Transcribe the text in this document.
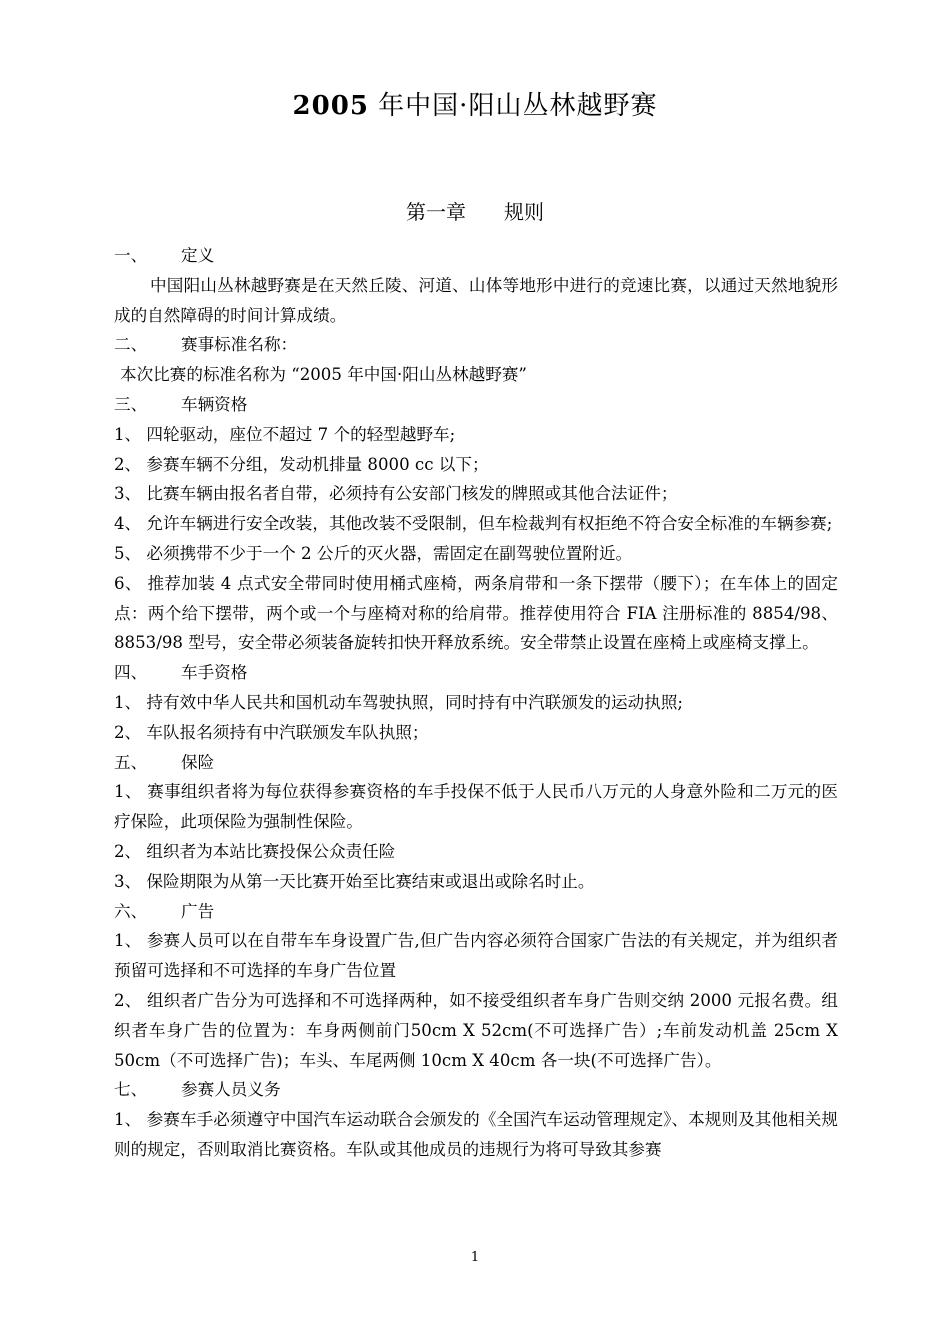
2005 年中国·阳山丛林越野赛
第一章 规则
一、 定义
中国阳山丛林越野赛是在天然丘陵、河道、山体等地形中进行的竞速比赛，以通过天然地貌形成的自然障碍的时间计算成绩。
二、 赛事标准名称：
本次比赛的标准名称为 “2005 年中国·阳山丛林越野赛”
三、 车辆资格
1、 四轮驱动，座位不超过 7 个的轻型越野车;
2、 参赛车辆不分组，发动机排量 8000 cc 以下；
3、 比赛车辆由报名者自带，必须持有公安部门核发的牌照或其他合法证件；
4、 允许车辆进行安全改装，其他改装不受限制，但车检裁判有权拒绝不符合安全标准的车辆参赛;
5、 必须携带不少于一个 2 公斤的灭火器，需固定在副驾驶位置附近。
6、 推荐加装 4 点式安全带同时使用桶式座椅，两条肩带和一条下摆带（腰下）；在车体上的固定点：两个给下摆带，两个或一个与座椅对称的给肩带。推荐使用符合 FIA 注册标准的 8854/98、8853/98 型号，安全带必须装备旋转扣快开释放系统。安全带禁止设置在座椅上或座椅支撑上。
四、 车手资格
1、 持有效中华人民共和国机动车驾驶执照，同时持有中汽联颁发的运动执照;
2、 车队报名须持有中汽联颁发车队执照；
五、 保险
1、 赛事组织者将为每位获得参赛资格的车手投保不低于人民币八万元的人身意外险和二万元的医疗保险，此项保险为强制性保险。
2、 组织者为本站比赛投保公众责任险
3、 保险期限为从第一天比赛开始至比赛结束或退出或除名时止。
六、 广告
1、 参赛人员可以在自带车车身设置广告,但广告内容必须符合国家广告法的有关规定，并为组织者预留可选择和不可选择的车身广告位置
2、 组织者广告分为可选择和不可选择两种，如不接受组织者车身广告则交纳 2000 元报名费。组织者车身广告的位置为：车身两侧前门50cm X 52cm(不可选择广告）;车前发动机盖 25cm X 50cm（不可选择广告)；车头、车尾两侧 10cm X 40cm 各一块(不可选择广告）。
七、 参赛人员义务
1、 参赛车手必须遵守中国汽车运动联合会颁发的《全国汽车运动管理规定》、本规则及其他相关规则的规定，否则取消比赛资格。车队或其他成员的违规行为将可导致其参赛
1
